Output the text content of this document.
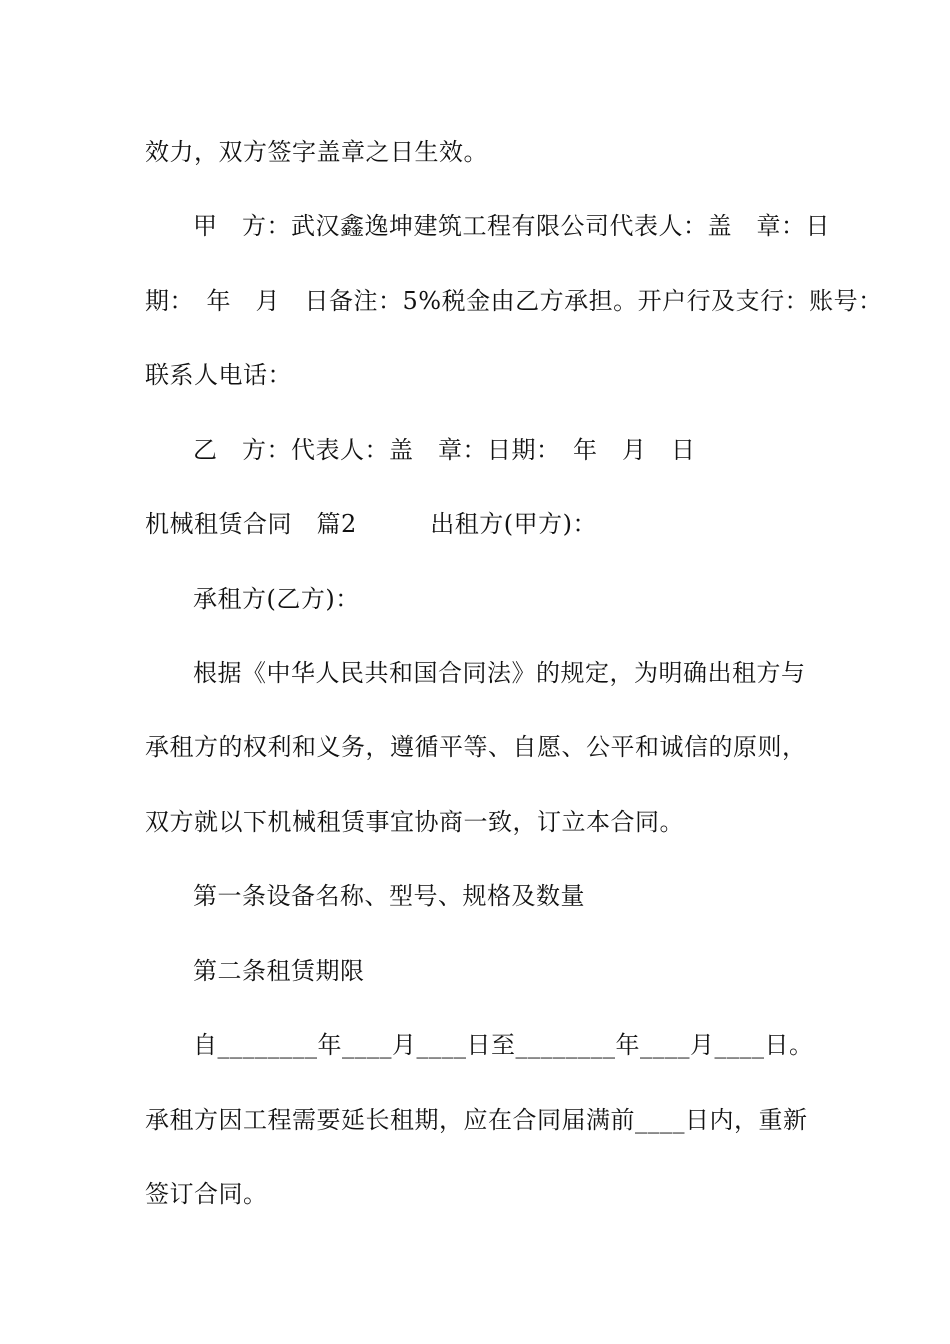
效力，双方签字盖章之日生效。
甲　方：武汉鑫逸坤建筑工程有限公司代表人：盖　章：日
期：　年　月　日备注：5%税金由乙方承担。开户行及支行：账号：
联系人电话：
乙　方：代表人：盖　章：日期：　年　月　日
机械租赁合同　篇2　　　出租方(甲方)：
承租方(乙方)：
根据《中华人民共和国合同法》的规定，为明确出租方与
承租方的权利和义务，遵循平等、自愿、公平和诚信的原则，
双方就以下机械租赁事宜协商一致，订立本合同。
第一条设备名称、型号、规格及数量
第二条租赁期限
自________年____月____日至________年____月____日。
承租方因工程需要延长租期，应在合同届满前____日内，重新
签订合同。
